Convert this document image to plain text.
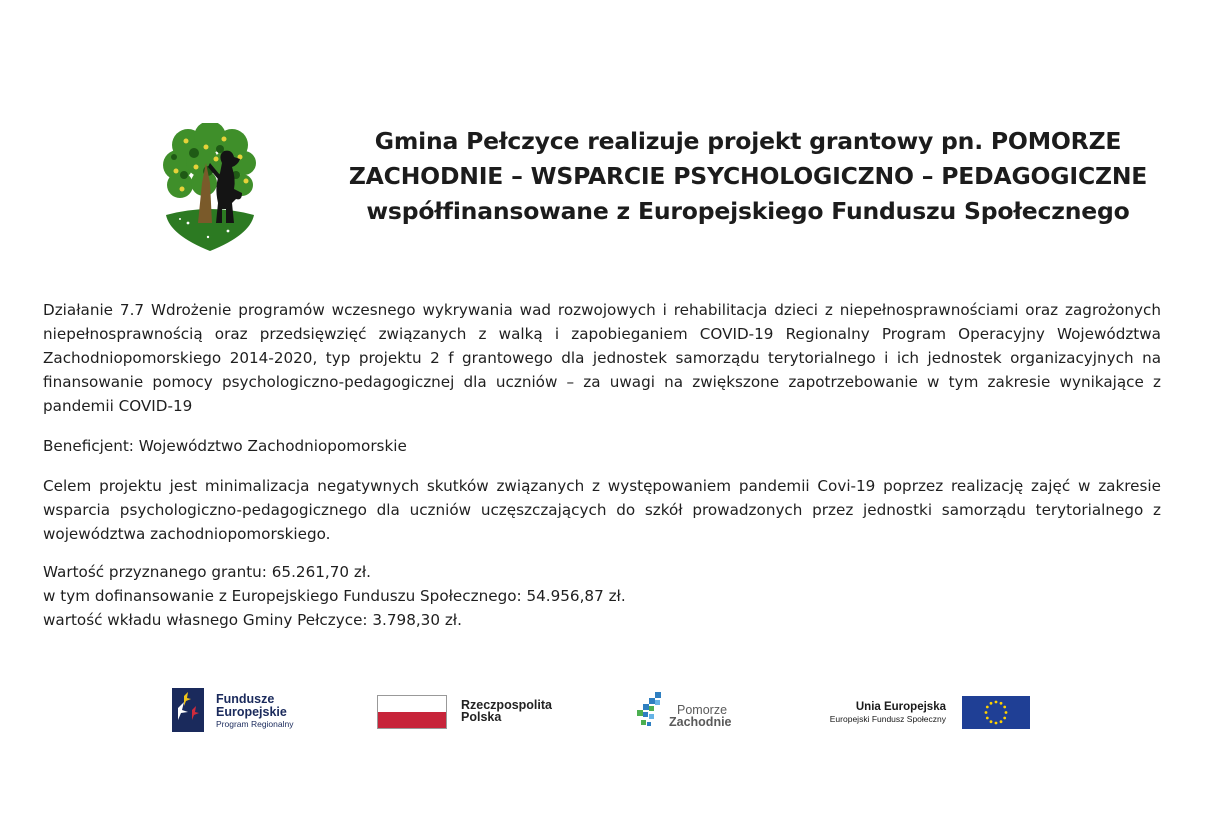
Gmina Pełczyce realizuje projekt grantowy pn. POMORZE
ZACHODNIE – WSPARCIE PSYCHOLOGICZNO – PEDAGOGICZNE
współfinansowane z Europejskiego Funduszu Społecznego

Działanie 7.7 Wdrożenie programów wczesnego wykrywania wad rozwojowych i rehabilitacja dzieci z niepełnosprawnościami oraz zagrożonych niepełnosprawnością oraz przedsięwzięć związanych z walką i zapobieganiem COVID-19 Regionalny Program Operacyjny Województwa Zachodniopomorskiego 2014-2020, typ projektu 2 f grantowego dla jednostek samorządu terytorialnego i ich jednostek organizacyjnych na finansowanie pomocy psychologiczno-pedagogicznej dla uczniów – za uwagi na zwiększone zapotrzebowanie w tym zakresie wynikające z pandemii COVID-19

Beneficjent: Województwo Zachodniopomorskie

Celem projektu jest minimalizacja negatywnych skutków związanych z występowaniem pandemii Covi-19 poprzez realizację zajęć w zakresie wsparcia psychologiczno-pedagogicznego dla uczniów uczęszczających do szkół prowadzonych przez jednostki samorządu terytorialnego z województwa zachodniopomorskiego.

Wartość przyznanego grantu: 65.261,70 zł.
w tym dofinansowanie z Europejskiego Funduszu Społecznego: 54.956,87 zł.
wartość wkładu własnego Gminy Pełczyce: 3.798,30 zł.

Fundusze
Europejskie
Program Regionalny
Rzeczpospolita
Polska	Pomorze
Zachodnie
Unia Europejska
Europejski Fundusz Społeczny
